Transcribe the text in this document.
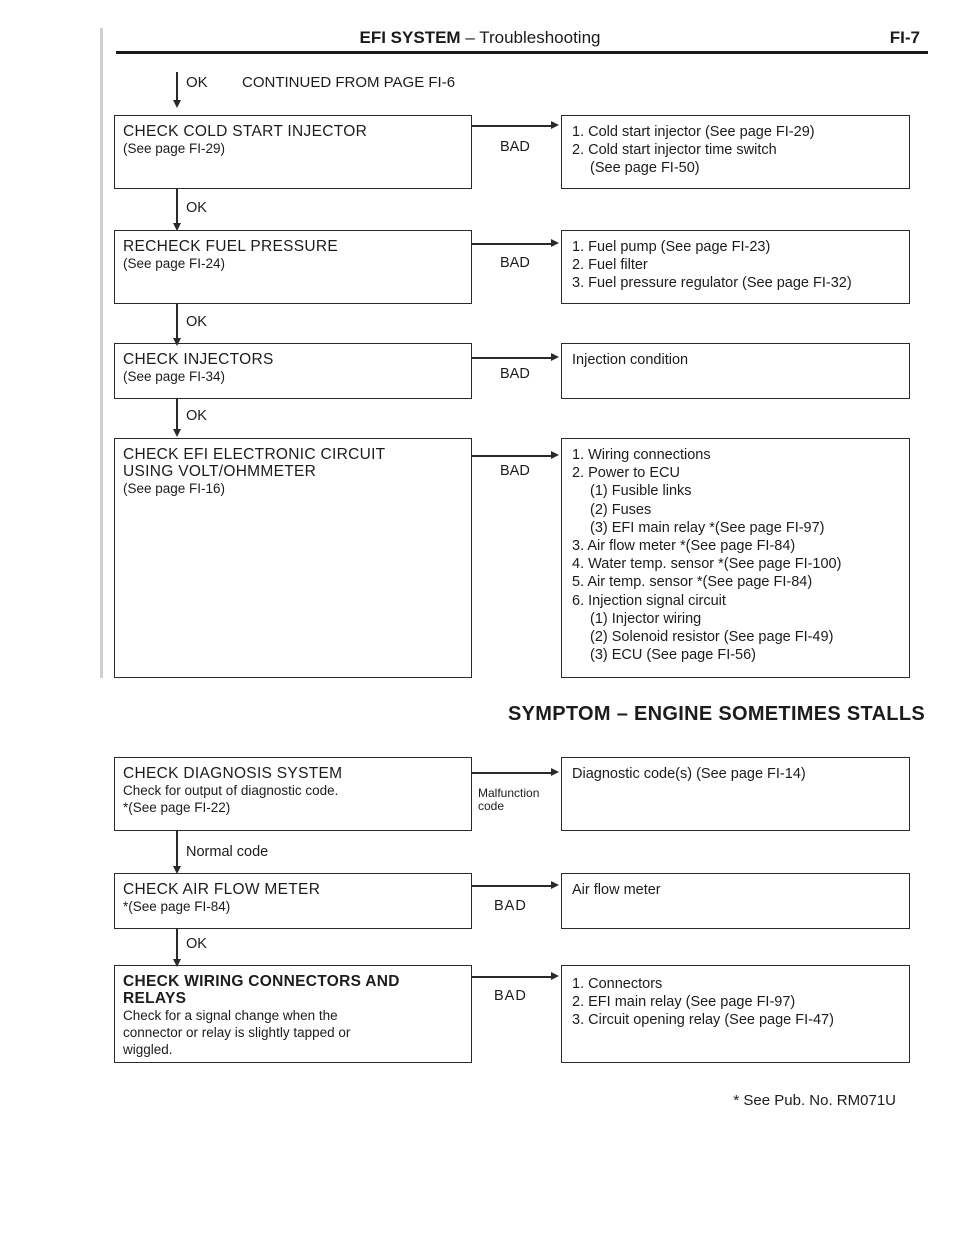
EFI SYSTEM – Troubleshooting	FI-7
OK CONTINUED FROM PAGE FI-6
CHECK COLD START INJECTOR
(See page FI-29)	BAD
1. Cold start injector (See page FI-29)
2. Cold start injector time switch
(See page FI-50)
OK
RECHECK FUEL PRESSURE
(See page FI-24)	BAD
1. Fuel pump (See page FI-23)
2. Fuel filter
3. Fuel pressure regulator (See page FI-32)
OK
CHECK INJECTORS
(See page FI-34)	BAD
Injection condition
OK
CHECK EFI ELECTRONIC CIRCUIT
USING VOLT/OHMMETER
(See page FI-16)
BAD
1. Wiring connections
2. Power to ECU
(1) Fusible links
(2) Fuses
(3) EFI main relay *(See page FI-97)
3. Air flow meter *(See page FI-84)
4. Water temp. sensor *(See page FI-100)
5. Air temp. sensor *(See page FI-84)
6. Injection signal circuit
(1) Injector wiring
(2) Solenoid resistor (See page FI-49)
(3) ECU (See page FI-56)
SYMPTOM – ENGINE SOMETIMES STALLS
CHECK DIAGNOSIS SYSTEM
Check for output of diagnostic code.
*(See page FI-22)
Malfunction
code
Diagnostic code(s) (See page FI-14)
Normal code
CHECK AIR FLOW METER
*(See page FI-84)	BAD
Air flow meter
OK
CHECK WIRING CONNECTORS AND
RELAYS
Check for a signal change when the
connector or relay is slightly tapped or
wiggled.
BAD
1. Connectors
2. EFI main relay (See page FI-97)
3. Circuit opening relay (See page FI-47)
* See Pub. No. RM071U
